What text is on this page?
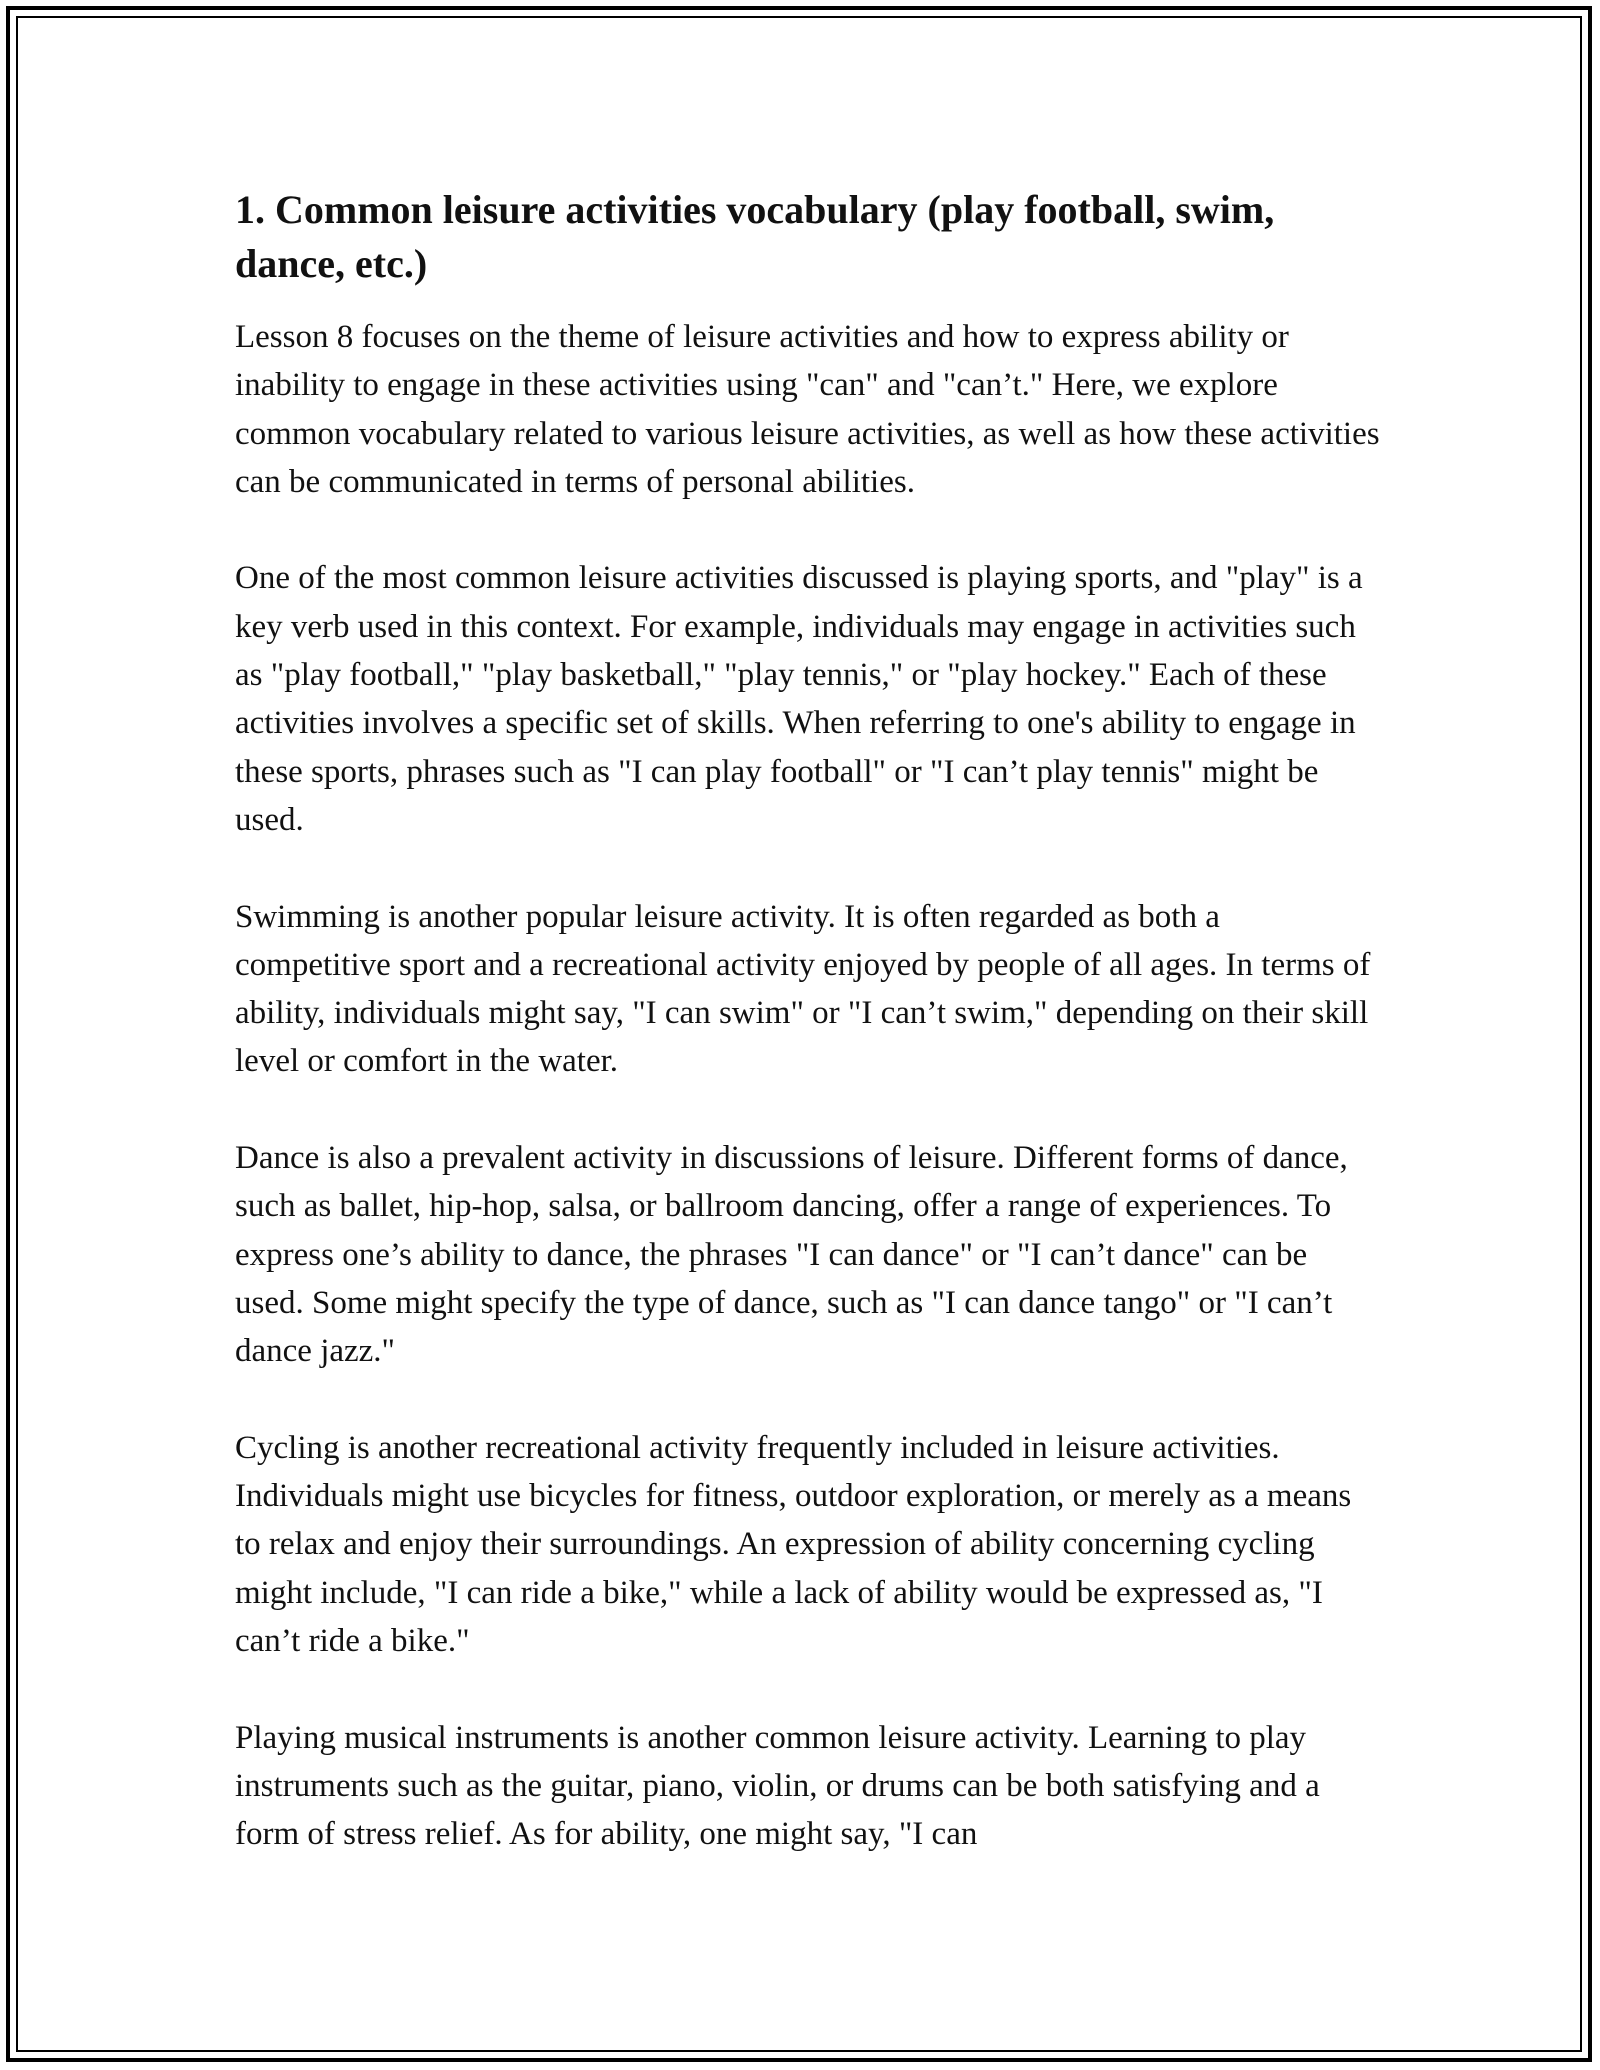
1. Common leisure activities vocabulary (play football, swim, dance, etc.)

Lesson 8 focuses on the theme of leisure activities and how to express ability or inability to engage in these activities using "can" and "can’t." Here, we explore common vocabulary related to various leisure activities, as well as how these activities can be communicated in terms of personal abilities.

One of the most common leisure activities discussed is playing sports, and "play" is a key verb used in this context. For example, individuals may engage in activities such as "play football," "play basketball," "play tennis," or "play hockey." Each of these activities involves a specific set of skills. When referring to one's ability to engage in these sports, phrases such as "I can play football" or "I can’t play tennis" might be used.

Swimming is another popular leisure activity. It is often regarded as both a competitive sport and a recreational activity enjoyed by people of all ages. In terms of ability, individuals might say, "I can swim" or "I can’t swim," depending on their skill level or comfort in the water.

Dance is also a prevalent activity in discussions of leisure. Different forms of dance, such as ballet, hip-hop, salsa, or ballroom dancing, offer a range of experiences. To express one’s ability to dance, the phrases "I can dance" or "I can’t dance" can be used. Some might specify the type of dance, such as "I can dance tango" or "I can’t dance jazz."

Cycling is another recreational activity frequently included in leisure activities. Individuals might use bicycles for fitness, outdoor exploration, or merely as a means to relax and enjoy their surroundings. An expression of ability concerning cycling might include, "I can ride a bike," while a lack of ability would be expressed as, "I can’t ride a bike."

Playing musical instruments is another common leisure activity. Learning to play instruments such as the guitar, piano, violin, or drums can be both satisfying and a form of stress relief. As for ability, one might say, "I can
